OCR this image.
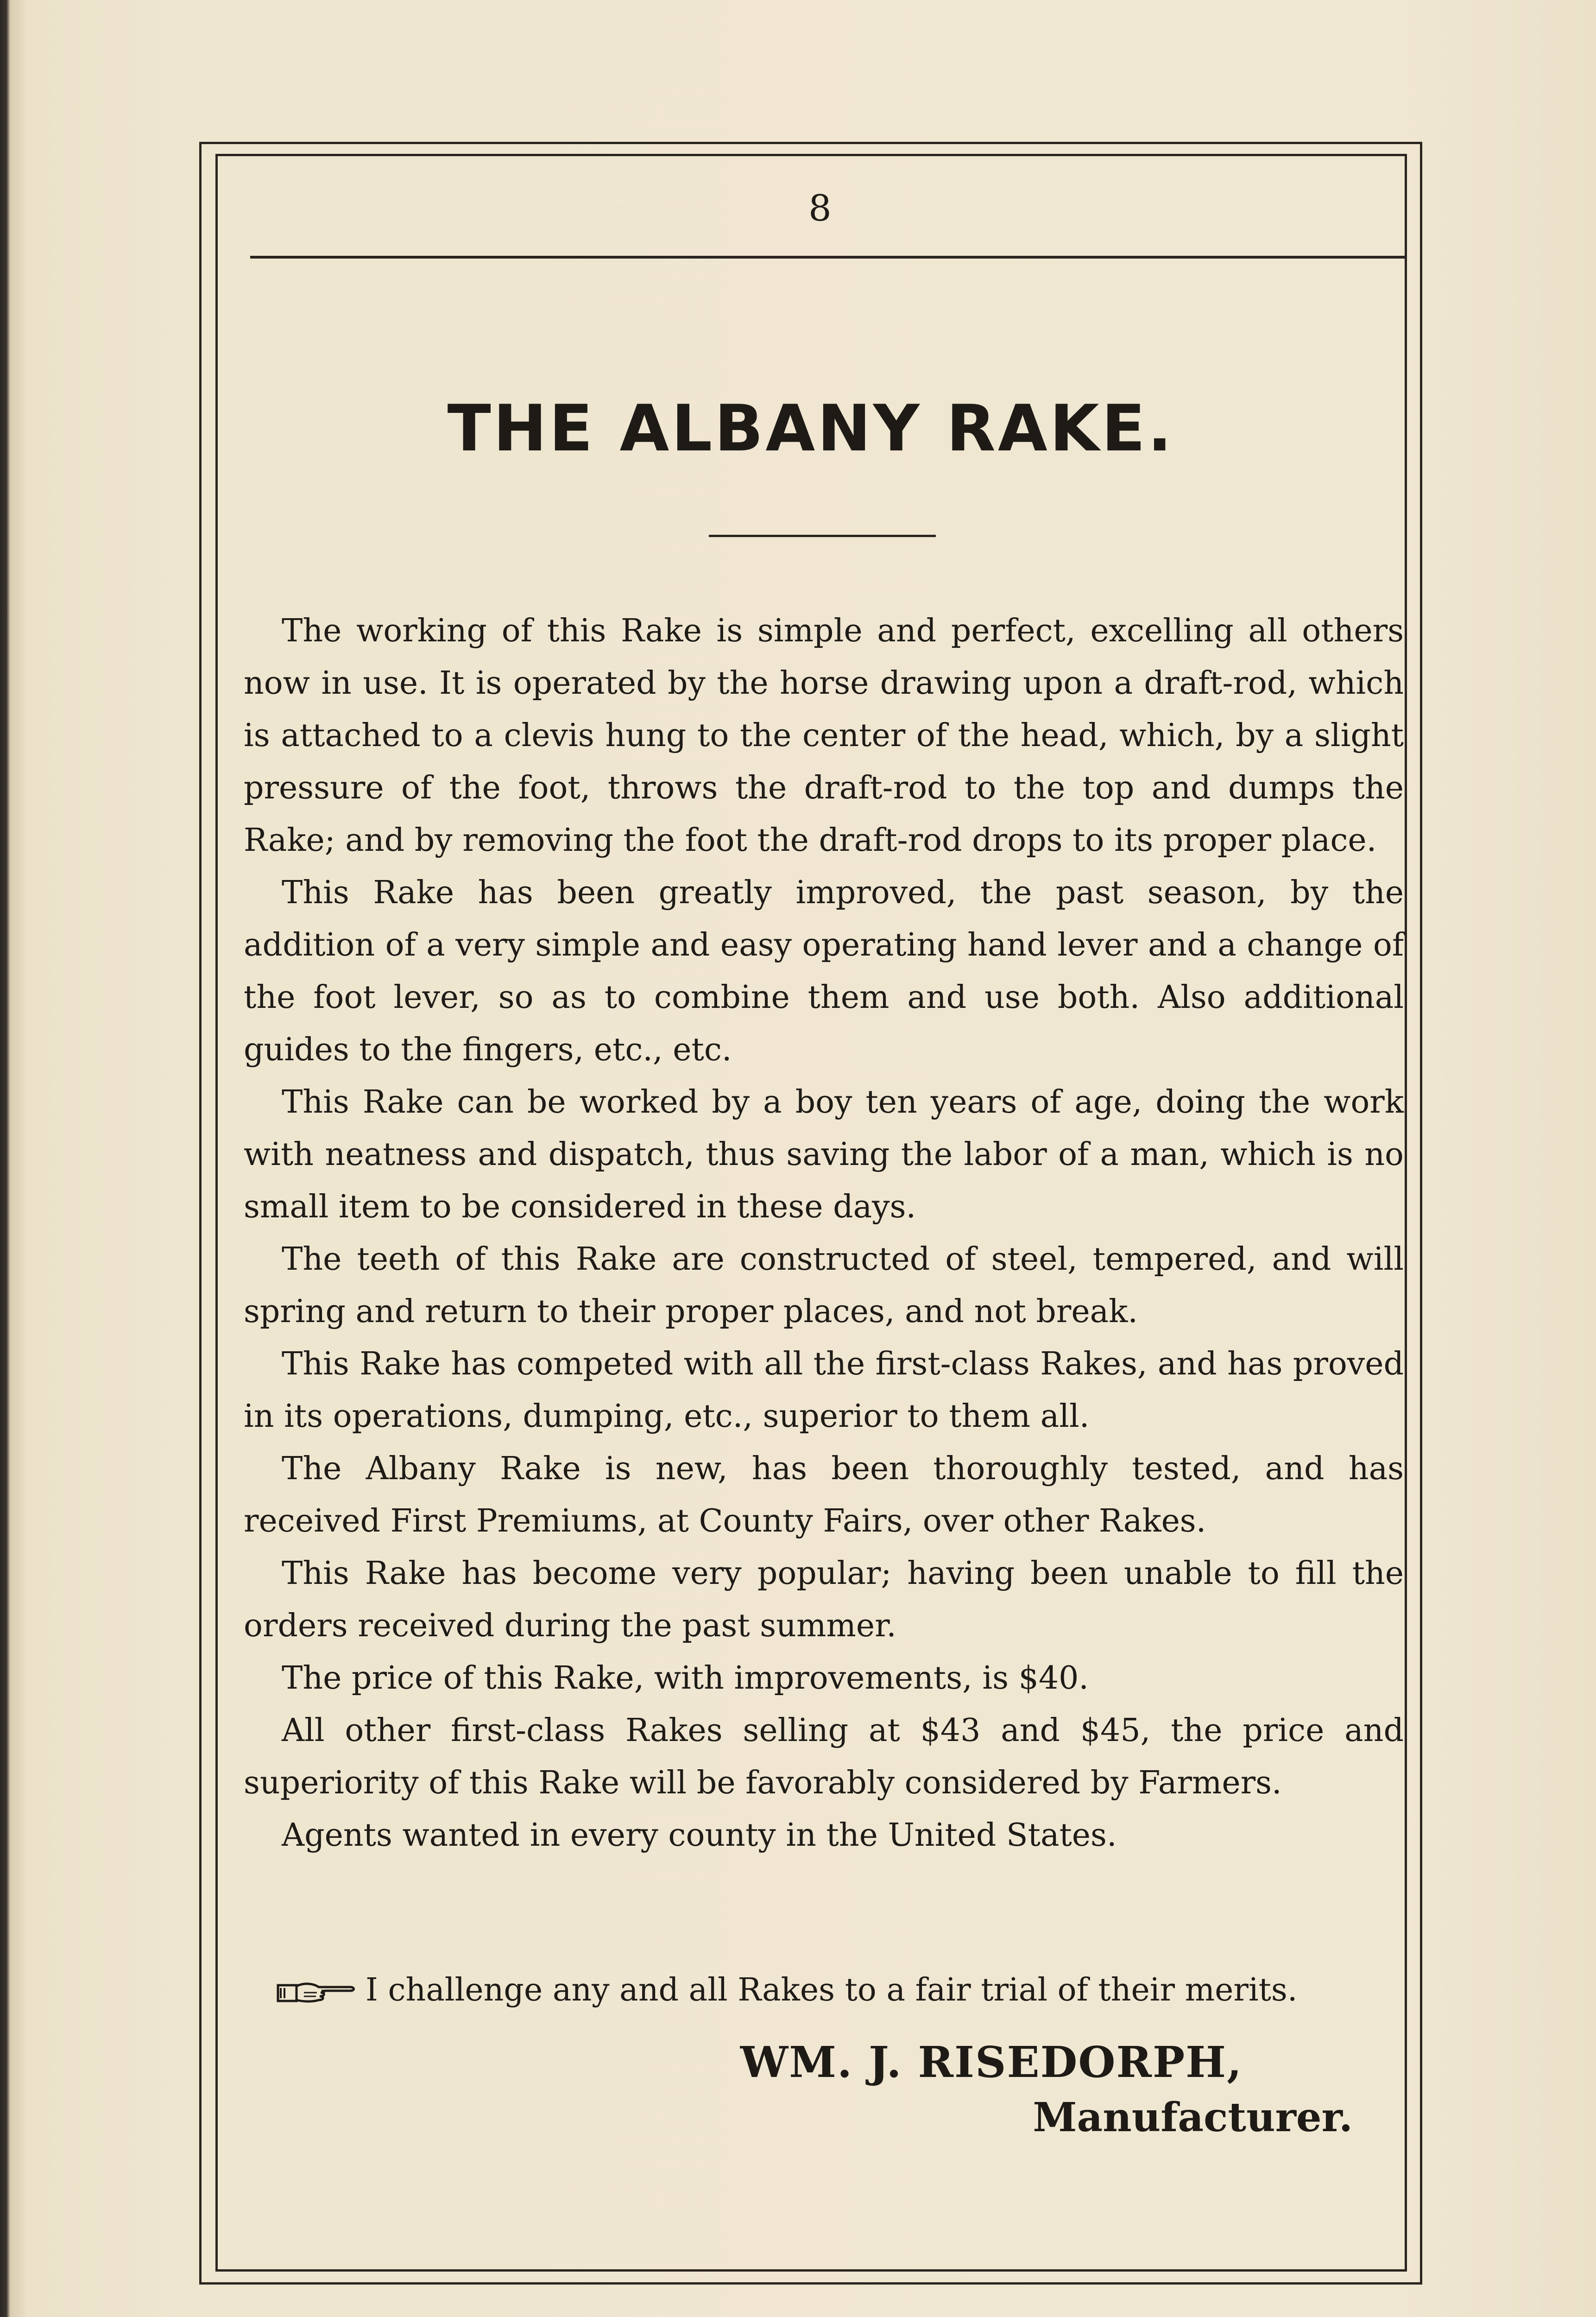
8
THE ALBANY RAKE.

The working of this Rake is simple and perfect, excelling all others now in use. It is operated by the horse drawing upon a draft-rod, which is attached to a clevis hung to the center of the head, which, by a slight pressure of the foot, throws the draft-rod to the top and dumps the Rake; and by removing the foot the draft-rod drops to its proper place.

This Rake has been greatly improved, the past season, by the addition of a very simple and easy operating hand lever and a change of the foot lever, so as to combine them and use both. Also additional guides to the fingers, etc., etc.

This Rake can be worked by a boy ten years of age, doing the work with neatness and dispatch, thus saving the labor of a man, which is no small item to be considered in these days.

The teeth of this Rake are constructed of steel, tempered, and will spring and return to their proper places, and not break.

This Rake has competed with all the first-class Rakes, and has proved in its operations, dumping, etc., superior to them all.

The Albany Rake is new, has been thoroughly tested, and has received First Premiums, at County Fairs, over other Rakes.

This Rake has become very popular; having been unable to fill the orders received during the past summer.

The price of this Rake, with improvements, is $40.

All other first-class Rakes selling at $43 and $45, the price and superiority of this Rake will be favorably considered by Farmers.

Agents wanted in every county in the United States.

I challenge any and all Rakes to a fair trial of their merits.
WM. J. RISEDORPH,
Manufacturer.
